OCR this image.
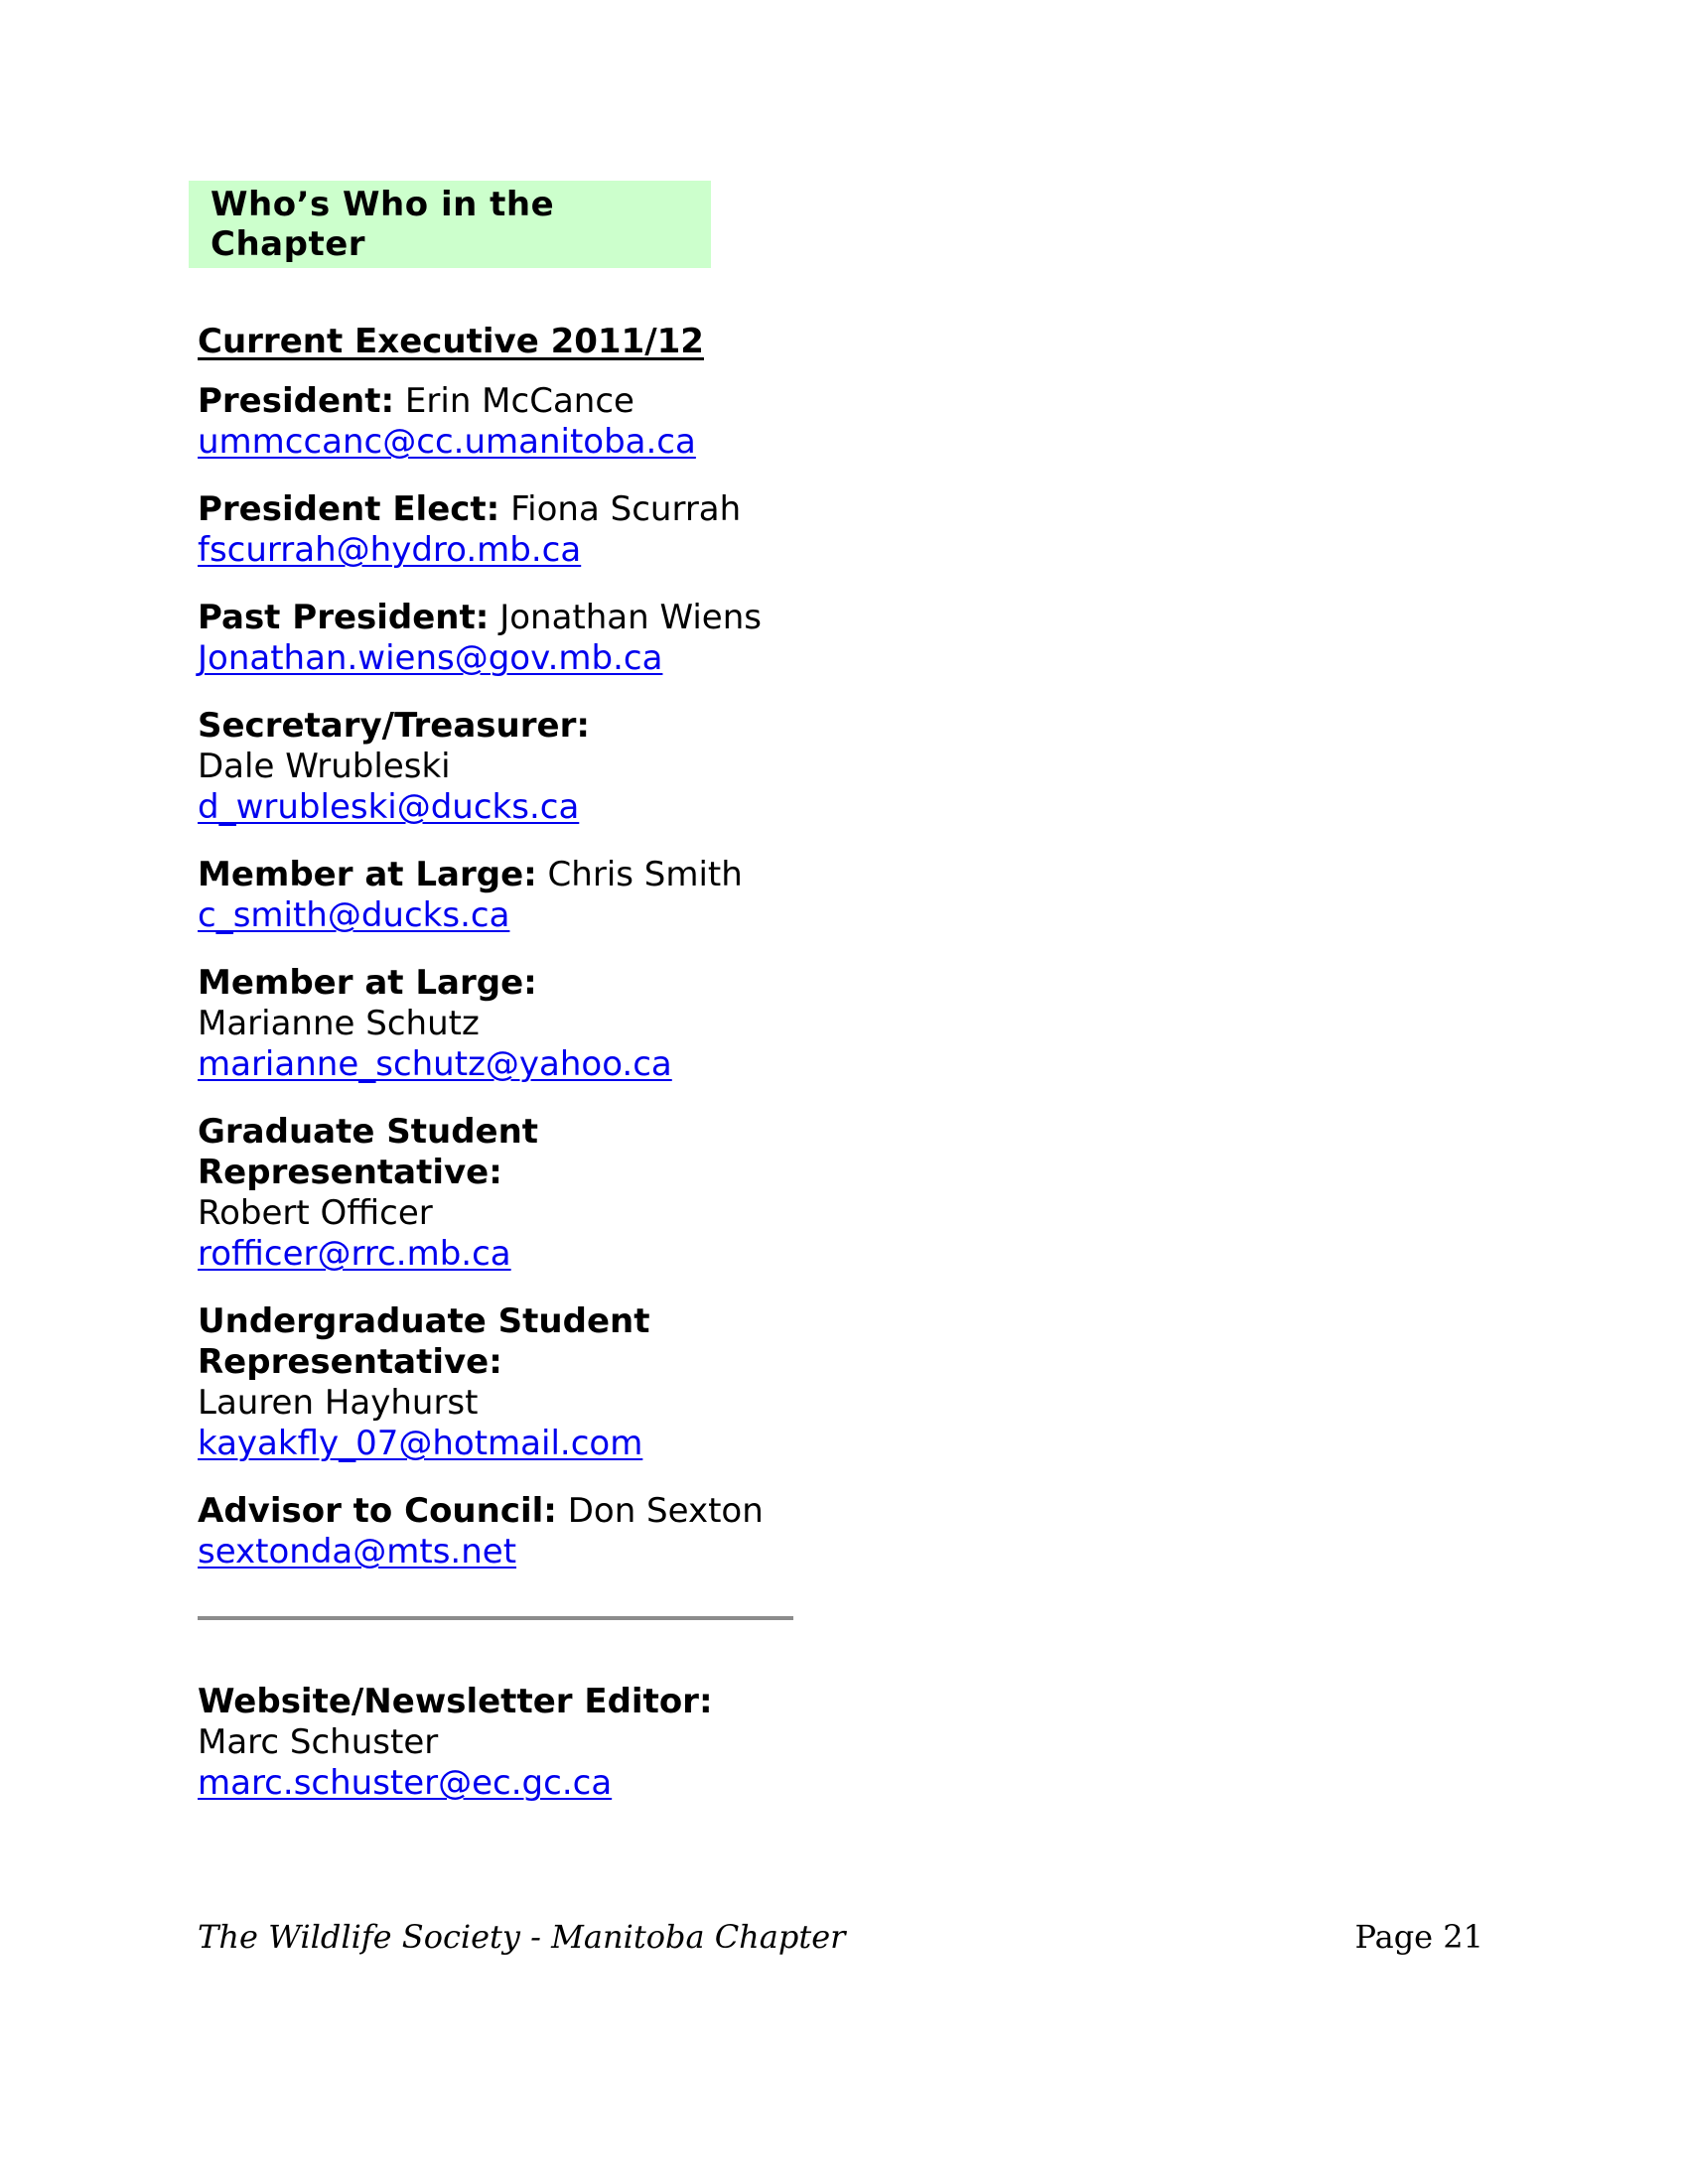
Who’s Who in the Chapter
Current Executive 2011/12
President: Erin McCance
ummccanc@cc.umanitoba.ca
President Elect: Fiona Scurrah
fscurrah@hydro.mb.ca
Past President: Jonathan Wiens
Jonathan.wiens@gov.mb.ca
Secretary/Treasurer:
Dale Wrubleski
d_wrubleski@ducks.ca
Member at Large: Chris Smith
c_smith@ducks.ca
Member at Large:
Marianne Schutz
marianne_schutz@yahoo.ca
Graduate Student
Representative:
Robert Officer
rofficer@rrc.mb.ca
Undergraduate Student
Representative:
Lauren Hayhurst
kayakfly_07@hotmail.com
Advisor to Council: Don Sexton
sextonda@mts.net
Website/Newsletter Editor:
Marc Schuster
marc.schuster@ec.gc.ca
The Wildlife Society - Manitoba Chapter	Page 21
